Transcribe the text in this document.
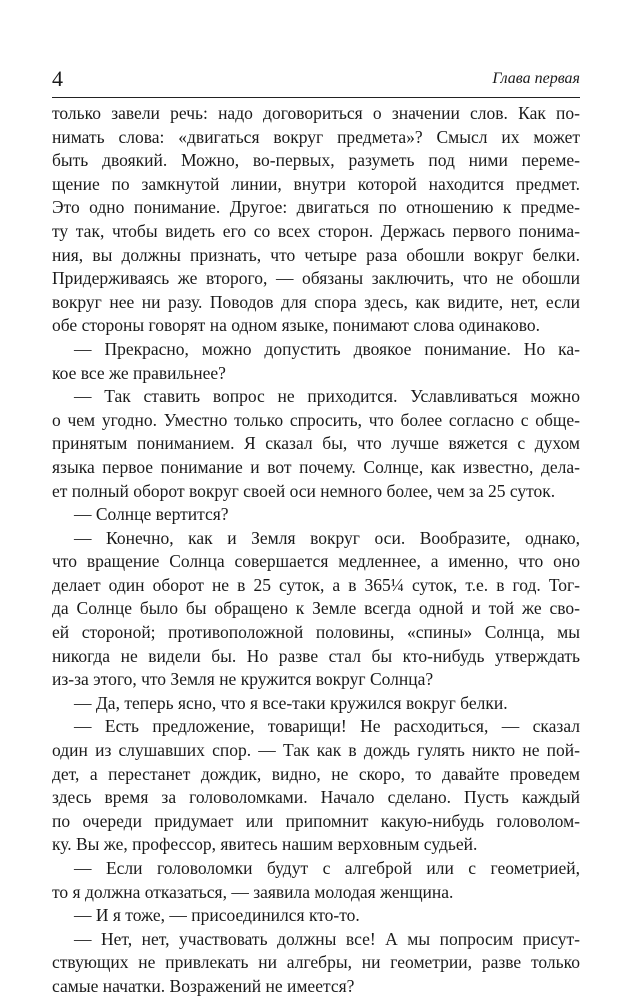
4	Глава первая
только завели речь: надо договориться о значении слов. Как по-
нимать слова: «двигаться вокруг предмета»? Смысл их может
быть двоякий. Можно, во-первых, разуметь под ними переме-
щение по замкнутой линии, внутри которой находится предмет.
Это одно понимание. Другое: двигаться по отношению к предме-
ту так, чтобы видеть его со всех сторон. Держась первого понима-
ния, вы должны признать, что четыре раза обошли вокруг белки.
Придерживаясь же второго, — обязаны заключить, что не обошли
вокруг нее ни разу. Поводов для спора здесь, как видите, нет, если
обе стороны говорят на одном языке, понимают слова одинаково.
— Прекрасно, можно допустить двоякое понимание. Но ка-
кое все же правильнее?
— Так ставить вопрос не приходится. Уславливаться можно
о чем угодно. Уместно только спросить, что более согласно с обще-
принятым пониманием. Я сказал бы, что лучше вяжется с духом
языка первое понимание и вот почему. Солнце, как известно, дела-
ет полный оборот вокруг своей оси немного более, чем за 25 суток.
— Солнце вертится?
— Конечно, как и Земля вокруг оси. Вообразите, однако,
что вращение Солнца совершается медленнее, а именно, что оно
делает один оборот не в 25 суток, а в 365¼ суток, т.е. в год. Тог-
да Солнце было бы обращено к Земле всегда одной и той же сво-
ей стороной; противоположной половины, «спины» Солнца, мы
никогда не видели бы. Но разве стал бы кто-нибудь утверждать
из-за этого, что Земля не кружится вокруг Солнца?
— Да, теперь ясно, что я все-таки кружился вокруг белки.
— Есть предложение, товарищи! Не расходиться, — сказал
один из слушавших спор. — Так как в дождь гулять никто не пой-
дет, а перестанет дождик, видно, не скоро, то давайте проведем
здесь время за головоломками. Начало сделано. Пусть каждый
по очереди придумает или припомнит какую-нибудь головолом-
ку. Вы же, профессор, явитесь нашим верховным судьей.
— Если головоломки будут с алгеброй или с геометрией,
то я должна отказаться, — заявила молодая женщина.
— И я тоже, — присоединился кто-то.
— Нет, нет, участвовать должны все! А мы попросим присут-
ствующих не привлекать ни алгебры, ни геометрии, разве только
самые начатки. Возражений не имеется?
